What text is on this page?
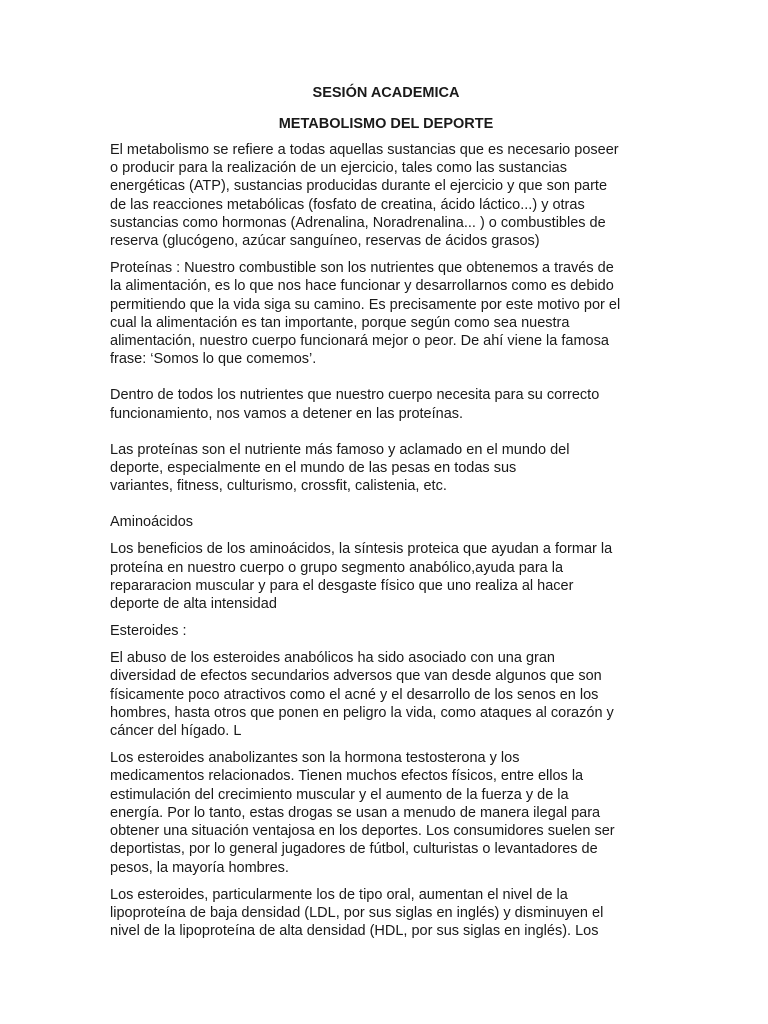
SESIÓN ACADEMICA

METABOLISMO DEL DEPORTE

El metabolismo se refiere a todas aquellas sustancias que es necesario poseer

o producir para la realización de un ejercicio, tales como las sustancias

energéticas (ATP), sustancias producidas durante el ejercicio y que son parte

de las reacciones metabólicas (fosfato de creatina, ácido láctico...) y otras

sustancias como hormonas (Adrenalina, Noradrenalina... ) o combustibles de

reserva (glucógeno, azúcar sanguíneo, reservas de ácidos grasos)

Proteínas : Nuestro combustible son los nutrientes que obtenemos a través de

la alimentación, es lo que nos hace funcionar y desarrollarnos como es debido

permitiendo que la vida siga su camino. Es precisamente por este motivo por el

cual la alimentación es tan importante, porque según como sea nuestra

alimentación, nuestro cuerpo funcionará mejor o peor. De ahí viene la famosa

frase: ‘Somos lo que comemos’.

Dentro de todos los nutrientes que nuestro cuerpo necesita para su correcto

funcionamiento, nos vamos a detener en las proteínas.

Las proteínas son el nutriente más famoso y aclamado en el mundo del

deporte, especialmente en el mundo de las pesas en todas sus

variantes, fitness, culturismo, crossfit, calistenia, etc.

Aminoácidos

Los beneficios de los aminoácidos, la síntesis proteica que ayudan a formar la

proteína en nuestro cuerpo o grupo segmento anabólico,ayuda para la

repararacion muscular y para el desgaste físico que uno realiza al hacer

deporte de alta intensidad

Esteroides :

El abuso de los esteroides anabólicos ha sido asociado con una gran

diversidad de efectos secundarios adversos que van desde algunos que son

físicamente poco atractivos como el acné y el desarrollo de los senos en los

hombres, hasta otros que ponen en peligro la vida, como ataques al corazón y

cáncer del hígado. L

Los esteroides anabolizantes son la hormona testosterona y los

medicamentos relacionados. Tienen muchos efectos físicos, entre ellos la

estimulación del crecimiento muscular y el aumento de la fuerza y de la

energía. Por lo tanto, estas drogas se usan a menudo de manera ilegal para

obtener una situación ventajosa en los deportes. Los consumidores suelen ser

deportistas, por lo general jugadores de fútbol, culturistas o levantadores de

pesos, la mayoría hombres.

Los esteroides, particularmente los de tipo oral, aumentan el nivel de la

lipoproteína de baja densidad (LDL, por sus siglas en inglés) y disminuyen el

nivel de la lipoproteína de alta densidad (HDL, por sus siglas en inglés). Los
